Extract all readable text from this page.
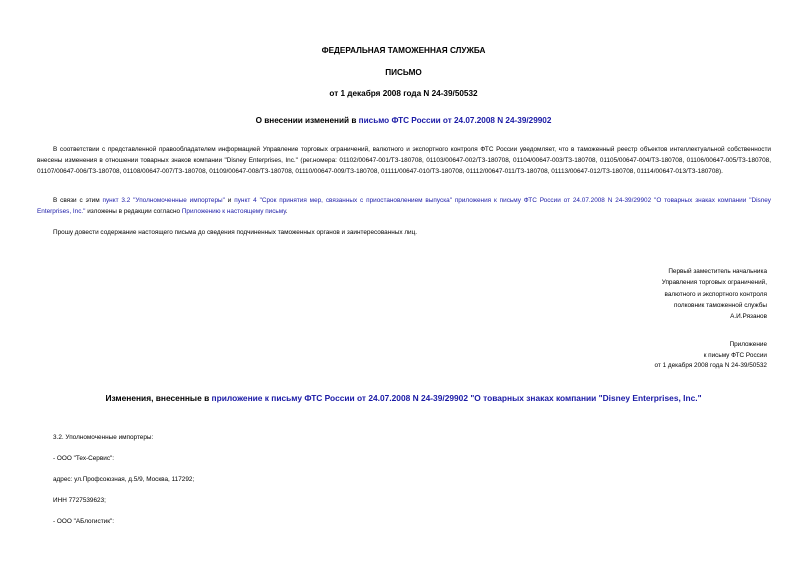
ФЕДЕРАЛЬНАЯ ТАМОЖЕННАЯ СЛУЖБА
ПИСЬМО
от 1 декабря 2008 года N 24-39/50532
О внесении изменений в письмо ФТС России от 24.07.2008 N 24-39/29902
В соответствии с представленной правообладателем информацией Управление торговых ограничений, валютного и экспортного контроля ФТС России уведомляет, что в таможенный реестр объектов интеллектуальной собственности внесены изменения в отношении товарных знаков компании "Disney Enterprises, Inc." (рег.номера: 01102/00647-001/ТЗ-180708, 01103/00647-002/ТЗ-180708, 01104/00647-003/ТЗ-180708, 01105/00647-004/ТЗ-180708, 01106/00647-005/ТЗ-180708, 01107/00647-006/ТЗ-180708, 01108/00647-007/ТЗ-180708, 01109/00647-008/ТЗ-180708, 01110/00647-009/ТЗ-180708, 01111/00647-010/ТЗ-180708, 01112/00647-011/ТЗ-180708, 01113/00647-012/ТЗ-180708, 01114/00647-013/ТЗ-180708).
В связи с этим пункт 3.2 "Уполномоченные импортеры" и пункт 4 "Срок принятия мер, связанных с приостановлением выпуска" приложения к письму ФТС России от 24.07.2008 N 24-39/29902 "О товарных знаках компании "Disney Enterprises, Inc." изложены в редакции согласно Приложению к настоящему письму.
Прошу довести содержание настоящего письма до сведения подчиненных таможенных органов и заинтересованных лиц.
Первый заместитель начальника
Управления торговых ограничений,
валютного и экспортного контроля
полковник таможенной службы
А.И.Рязанов
Приложение
к письму ФТС России
от 1 декабря 2008 года N 24-39/50532
Изменения, внесенные в приложение к письму ФТС России от 24.07.2008 N 24-39/29902 "О товарных знаках компании "Disney Enterprises, Inc."
3.2. Уполномоченные импортеры:
- ООО "Тех-Сервис":
адрес: ул.Профсоюзная, д.5/9, Москва, 117292;
ИНН 7727539623;
- ООО "АБлогистик":
